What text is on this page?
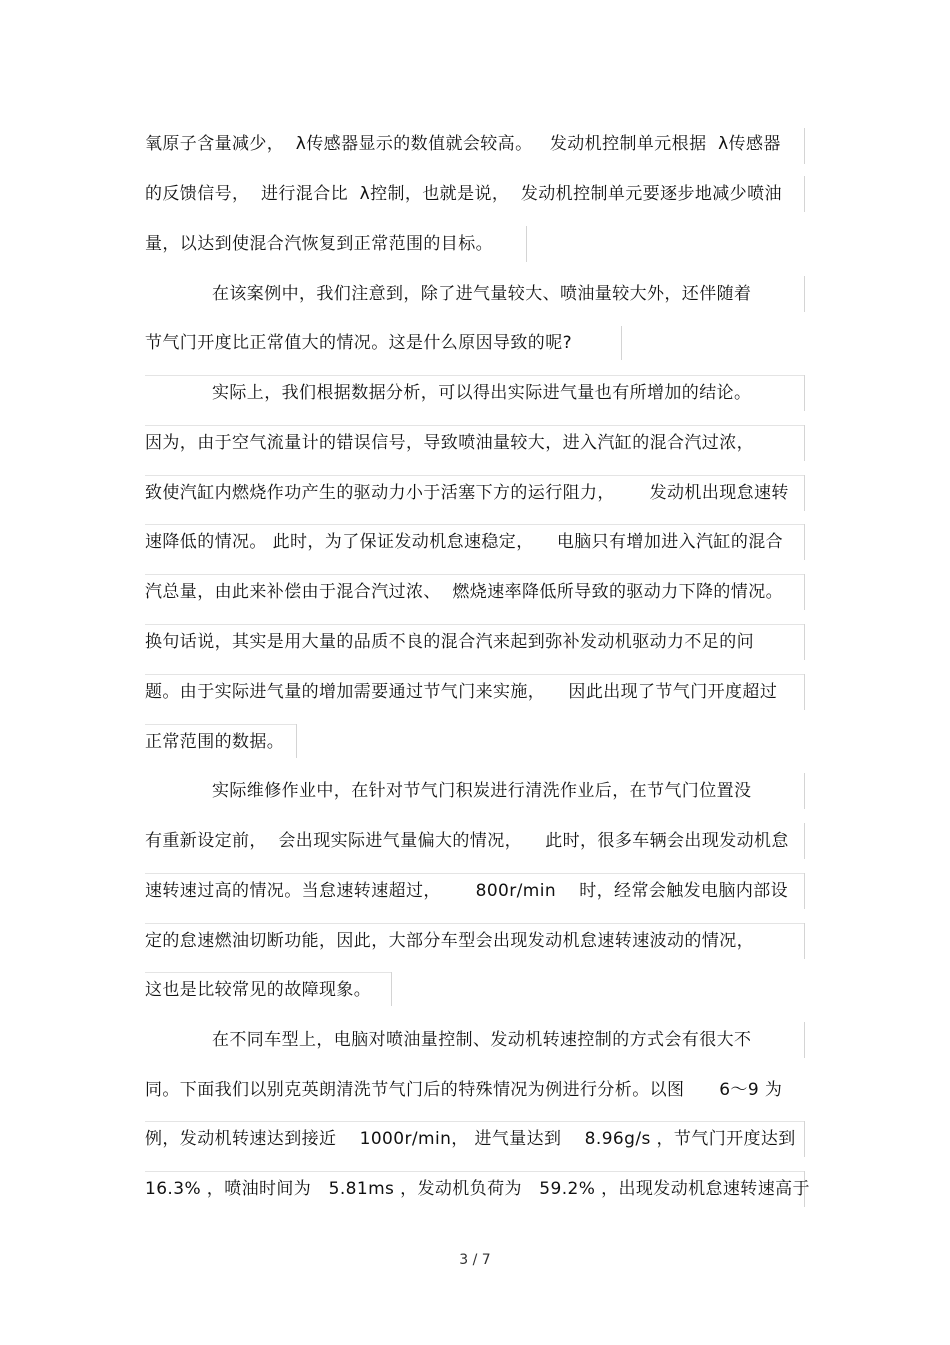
氧原子含量减少，  λ传感器显示的数值就会较高。   发动机控制单元根据  λ传感器
的反馈信号，  进行混合比  λ控制，也就是说，  发动机控制单元要逐步地减少喷油
量，以达到使混合汽恢复到正常范围的目标。
在该案例中，我们注意到，除了进气量较大、喷油量较大外，还伴随着
节气门开度比正常值大的情况。这是什么原因导致的呢?
实际上，我们根据数据分析，可以得出实际进气量也有所增加的结论。
因为，由于空气流量计的错误信号，导致喷油量较大，进入汽缸的混合汽过浓，
致使汽缸内燃烧作功产生的驱动力小于活塞下方的运行阻力，      发动机出现怠速转
速降低的情况。 此时，为了保证发动机怠速稳定，    电脑只有增加进入汽缸的混合
汽总量，由此来补偿由于混合汽过浓、  燃烧速率降低所导致的驱动力下降的情况。
换句话说，其实是用大量的品质不良的混合汽来起到弥补发动机驱动力不足的问
题。由于实际进气量的增加需要通过节气门来实施，    因此出现了节气门开度超过
正常范围的数据。
实际维修作业中，在针对节气门积炭进行清洗作业后，在节气门位置没
有重新设定前，  会出现实际进气量偏大的情况，    此时，很多车辆会出现发动机怠
速转速过高的情况。当怠速转速超过，      800r/min    时，经常会触发电脑内部设
定的怠速燃油切断功能，因此，大部分车型会出现发动机怠速转速波动的情况，
这也是比较常见的故障现象。
在不同车型上，电脑对喷油量控制、发动机转速控制的方式会有很大不
同。下面我们以别克英朗清洗节气门后的特殊情况为例进行分析。以图      6～9 为
例，发动机转速达到接近    1000r/min， 进气量达到    8.96g/s ，节气门开度达到
16.3% ，喷油时间为   5.81ms ，发动机负荷为   59.2% ，出现发动机怠速转速高于
3 / 7
